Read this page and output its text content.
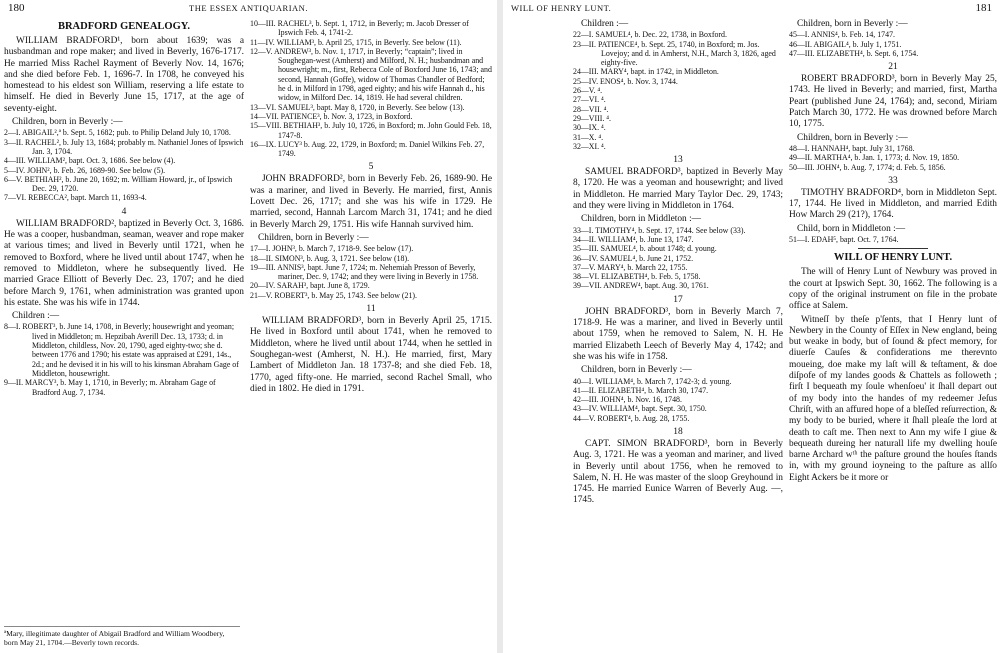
180	THE ESSEX ANTIQUARIAN.
BRADFORD GENEALOGY.

WILLIAM BRADFORD¹, born about 1639; was a husbandman and rope maker; and lived in Beverly, 1676-1717. He married Miss Rachel Rayment of Beverly Nov. 14, 1676; and she died before Feb. 1, 1696-7. In 1708, he conveyed his homestead to his eldest son William, reserving a life estate to himself. He died in Beverly June 15, 1717, at the age of seventy-eight.

Children, born in Beverly :—
2—I. ABIGAIL²,ª b. Sept. 5, 1682; pub. to Philip Deland July 10, 1708.
3—II. RACHEL², b. July 13, 1684; probably m. Nathaniel Jones of Ipswich Jan. 3, 1704.
4—III. WILLIAM², bapt. Oct. 3, 1686. See below (4).
5—IV. JOHN², b. Feb. 26, 1689-90. See below (5).
6—V. BETHIAH², b. June 20, 1692; m. William Howard, jr., of Ipswich Dec. 29, 1720.
7—VI. REBECCA², bapt. March 11, 1693-4.
4

WILLIAM BRADFORD², baptized in Beverly Oct. 3, 1686. He was a cooper, husbandman, seaman, weaver and rope maker at various times; and lived in Beverly until 1721, when he removed to Boxford, where he lived until about 1747, when he removed to Middleton, where he subsequently lived. He married Grace Elliott of Beverly Dec. 23, 1707; and he died before March 9, 1761, when administration was granted upon his estate. She was his wife in 1744.

Children :—
8—I. ROBERT³, b. June 14, 1708, in Beverly; housewright and yeoman; lived in Middleton; m. Hepzibah Averill Dec. 13, 1733; d. in Middleton, childless, Nov. 20, 1790, aged eighty-two; she d. between 1776 and 1790; his estate was appraised at £291, 14s., 2d.; and he devised it in his will to his kinsman Abraham Gage of Middleton, housewright.
9—II. MARCY³, b. May 1, 1710, in Beverly; m. Abraham Gage of Bradford Aug. 7, 1734.
10—III. RACHEL³, b. Sept. 1, 1712, in Beverly; m. Jacob Dresser of Ipswich Feb. 4, 1741-2.
11—IV. WILLIAM³, b. April 25, 1715, in Beverly. See below (11).
12—V. ANDREW³, b. Nov. 1, 1717, in Beverly; “captain”; lived in Soughegan-west (Amherst) and Milford, N. H.; husbandman and housewright; m., first, Rebecca Cole of Boxford June 16, 1743; and second, Hannah (Goffe), widow of Thomas Chandler of Bedford; he d. in Milford in 1798, aged eighty; and his wife Hannah d., his widow, in Milford Dec. 14, 1819. He had several children.
13—VI. SAMUEL³, bapt. May 8, 1720, in Beverly. See below (13).
14—VII. PATIENCE³, b. Nov. 3, 1723, in Boxford.
15—VIII. BETHIAH³, b. July 10, 1726, in Boxford; m. John Gould Feb. 18, 1747-8.
16—IX. LUCY³ b. Aug. 22, 1729, in Boxford; m. Daniel Wilkins Feb. 27, 1749.
5

JOHN BRADFORD², born in Beverly Feb. 26, 1689-90. He was a mariner, and lived in Beverly. He married, first, Annis Lovett Dec. 26, 1717; and she was his wife in 1729. He married, second, Hannah Larcom March 31, 1741; and he died in Beverly March 29, 1751. His wife Hannah survived him.

Children, born in Beverly :—
17—I. JOHN³, b. March 7, 1718-9. See below (17).
18—II. SIMON³, b. Aug. 3, 1721. See below (18).
19—III. ANNIS³, bapt. June 7, 1724; m. Nehemiah Presson of Beverly, mariner, Dec. 9, 1742; and they were living in Beverly in 1758.
20—IV. SARAH³, bapt. June 8, 1729.
21—V. ROBERT³, b. May 25, 1743. See below (21).
11

WILLIAM BRADFORD³, born in Beverly April 25, 1715. He lived in Boxford until about 1741, when he removed to Middleton, where he lived until about 1744, when he settled in Soughegan-west (Amherst, N. H.). He married, first, Mary Lambert of Middleton Jan. 18 1737-8; and she died Feb. 18, 1770, aged fifty-one. He married, second Rachel Small, who died in 1802. He died in 1791.

ªMary, illegitimate daughter of Abigail Bradford and William Woodbery, born May 21, 1704.—Beverly town records.
WILL OF HENRY LUNT.	181
Children :—
22—I. SAMUEL⁴, b. Dec. 22, 1738, in Boxford.
23—II. PATIENCE⁴, b. Sept. 25, 1740, in Boxford; m. Jos. Lovejoy; and d. in Amherst, N.H., March 3, 1826, aged eighty-five.
24—III. MARY⁴, bapt. in 1742, in Middleton.
25—IV. ENOS⁴, b. Nov. 3, 1744.
26—V. ⁴.
27—VI. ⁴.
28—VII. ⁴.
29—VIII. ⁴.
30—IX. ⁴.
31—X. ⁴.
32—XI. ⁴.
13

SAMUEL BRADFORD³, baptized in Beverly May 8, 1720. He was a yeoman and housewright; and lived in Middleton. He married Mary Taylor Dec. 29, 1743; and they were living in Middleton in 1764.

Children, born in Middleton :—
33—I. TIMOTHY⁴, b. Sept. 17, 1744. See below (33).
34—II. WILLIAM⁴, b. June 13, 1747.
35—III. SAMUEL⁴, b. about 1748; d. young.
36—IV. SAMUEL⁴, b. June 21, 1752.
37—V. MARY⁴, b. March 22, 1755.
38—VI. ELIZABETH⁴, b. Feb. 5, 1758.
39—VII. ANDREW⁴, bapt. Aug. 30, 1761.
17

JOHN BRADFORD³, born in Beverly March 7, 1718-9. He was a mariner, and lived in Beverly until about 1759, when he removed to Salem, N. H. He married Elizabeth Leech of Beverly May 4, 1742; and she was his wife in 1758.

Children, born in Beverly :—
40—I. WILLIAM⁴, b. March 7, 1742-3; d. young.
41—II. ELIZABETH⁴, b. March 30, 1747.
42—III. JOHN⁴, b. Nov. 16, 1748.
43—IV. WILLIAM⁴, bapt. Sept. 30, 1750.
44—V. ROBERT⁴, b. Aug. 28, 1755.
18

CAPT. SIMON BRADFORD³, born in Beverly Aug. 3, 1721. He was a yeoman and mariner, and lived in Beverly until about 1756, when he removed to Salem, N. H. He was master of the sloop Greyhound in 1745. He married Eunice Warren of Beverly Aug. —, 1745.

Children, born in Beverly :—
45—I. ANNIS⁴, b. Feb. 14, 1747.
46—II. ABIGAIL⁴, b. July 1, 1751.
47—III. ELIZABETH⁴, b. Sept. 6, 1754.
21

ROBERT BRADFORD³, born in Beverly May 25, 1743. He lived in Beverly; and married, first, Martha Peart (published June 24, 1764); and, second, Miriam Patch March 30, 1772. He was drowned before March 10, 1775.

Children, born in Beverly :—
48—I. HANNAH⁴, bapt. July 31, 1768.
49—II. MARTHA⁴, b. Jan. 1, 1773; d. Nov. 19, 1850.
50—III. JOHN⁴, b. Aug. 7, 1774; d. Feb. 5, 1856.
33

TIMOTHY BRADFORD⁴, born in Middleton Sept. 17, 1744. He lived in Middleton, and married Edith How March 29 (21?), 1764.

Child, born in Middleton :—
51—I. EDAH⁵, bapt. Oct. 7, 1764.
WILL OF HENRY LUNT.

The will of Henry Lunt of Newbury was proved in the court at Ipswich Sept. 30, 1662. The following is a copy of the original instrument on file in the probate office at Salem.

Witneſſ by theſe p'ſents, that I Henry lunt of Newbery in the County of Eſſex in New england, being but weake in body, but of ſound & pfect memory, for diuerſe Cauſes & confiderations me therevnto moueing, doe make my laſt will & teſtament, & doe diſpofe of my landes goods & Chattels as followeth ; firſt I bequeath my ſoule whenſoeu' it ſhall depart out of my body into the handes of my redeemer Jeſus Chriſt, with an affured hope of a bleſſed reſurrection, & my body to be buried, where it ſhall pleaſe the lord at death to caſt me. Then next to Ann my wife I giue & bequeath dureing her naturall life my dwelling houſe barne Archard wᵗʰ the paſture ground the houſes ſtands in, with my ground ioyneing to the paſture as allſo Eight Ackers be it more or
